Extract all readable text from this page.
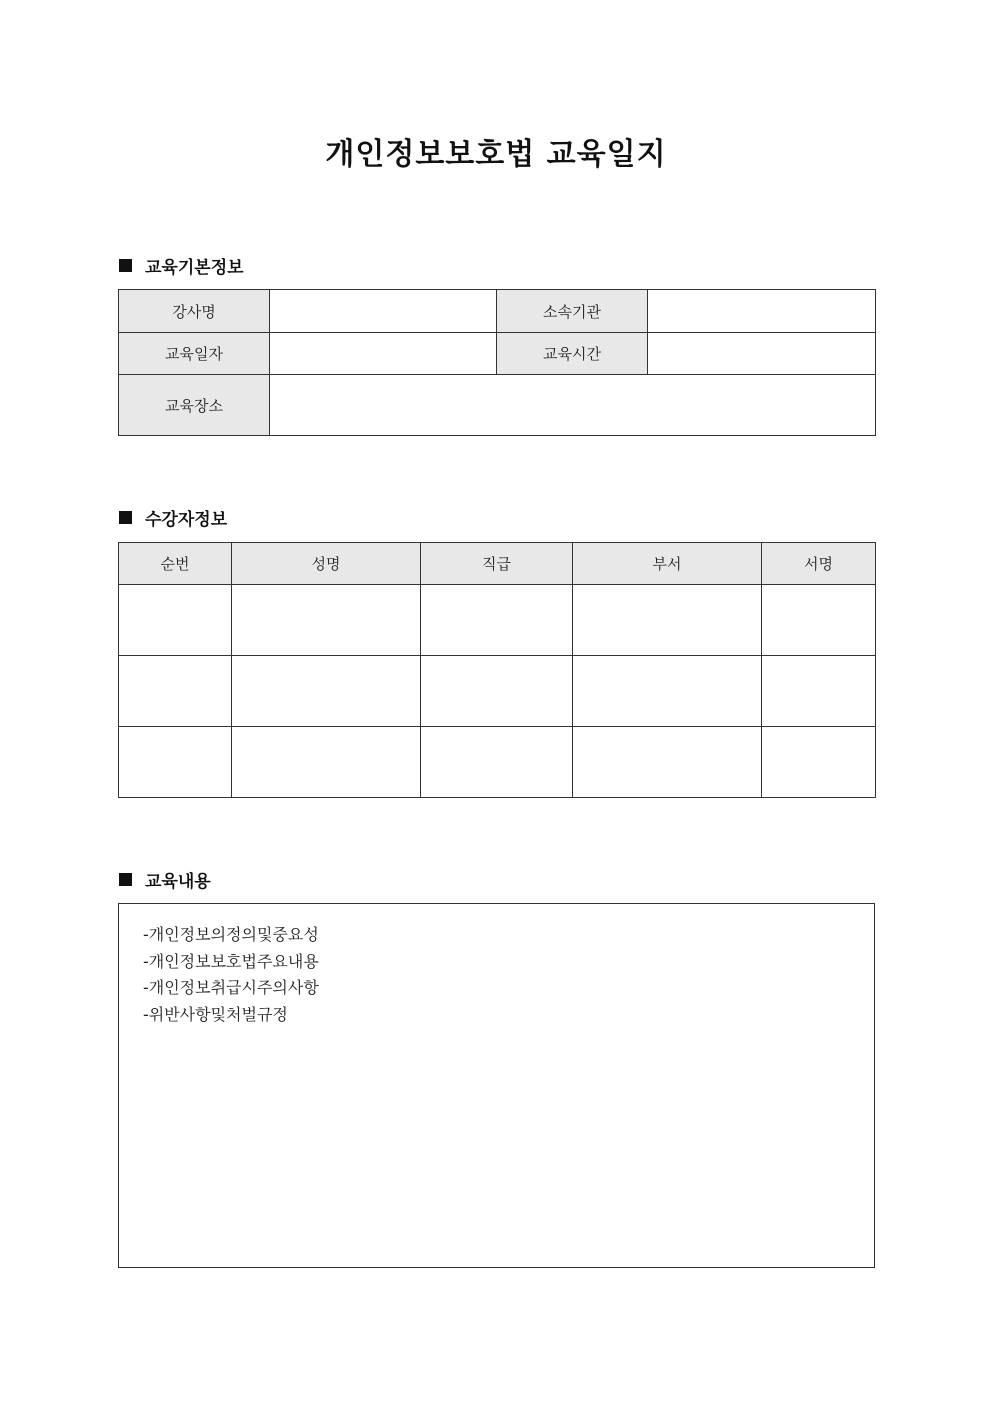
개인정보보호법 교육일지
교육기본정보
강사명		소속기관	
교육일자		교육시간	
교육장소			
수강자정보
순번	성명	직급	부서	서명

교육내용
-개인정보의정의및중요성
-개인정보보호법주요내용
-개인정보취급시주의사항
-위반사항및처벌규정
